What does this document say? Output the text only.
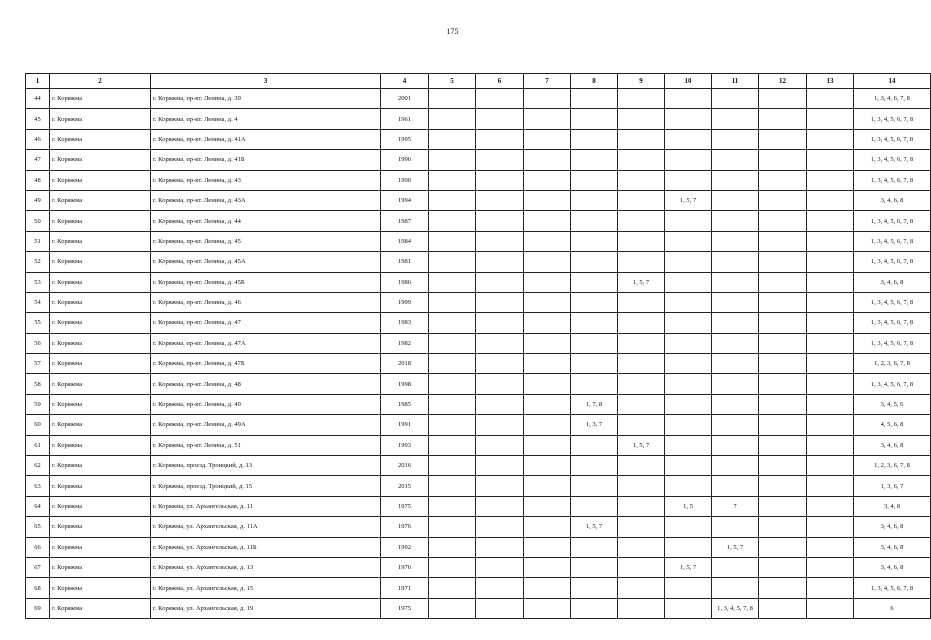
175
1	2	3	4	5	6	7	8	9	10	11	12	13	14
44	г. Коряжма	г. Коряжма, пр-кт. Ленина, д. 39	2001										1, 3, 4, 6, 7, 8
45	г. Коряжма	г. Коряжма, пр-кт. Ленина, д. 4	1961										1, 3, 4, 5, 6, 7, 8
46	г. Коряжма	г. Коряжма, пр-кт. Ленина, д. 41А	1995										1, 3, 4, 5, 6, 7, 8
47	г. Коряжма	г. Коряжма, пр-кт. Ленина, д. 41Б	1996										1, 3, 4, 5, 6, 7, 8
48	г. Коряжма	г. Коряжма, пр-кт. Ленина, д. 43	1990										1, 3, 4, 5, 6, 7, 8
49	г. Коряжма	г. Коряжма, пр-кт. Ленина, д. 43А	1994						1, 5, 7				3, 4, 6, 8
50	г. Коряжма	г. Коряжма, пр-кт. Ленина, д. 44	1987										1, 3, 4, 5, 6, 7, 8
51	г. Коряжма	г. Коряжма, пр-кт. Ленина, д. 45	1984										1, 3, 4, 5, 6, 7, 8
52	г. Коряжма	г. Коряжма, пр-кт. Ленина, д. 45А	1981										1, 3, 4, 5, 6, 7, 8
53	г. Коряжма	г. Коряжма, пр-кт. Ленина, д. 45Б	1986					1, 5, 7					3, 4, 6, 8
54	г. Коряжма	г. Коряжма, пр-кт. Ленина, д. 46	1999										1, 3, 4, 5, 6, 7, 8
55	г. Коряжма	г. Коряжма, пр-кт. Ленина, д. 47	1983										1, 3, 4, 5, 6, 7, 8
56	г. Коряжма	г. Коряжма, пр-кт. Ленина, д. 47А	1982										1, 3, 4, 5, 6, 7, 8
57	г. Коряжма	г. Коряжма, пр-кт. Ленина, д. 47Б	2018										1, 2, 3, 6, 7, 8
58	г. Коряжма	г. Коряжма, пр-кт. Ленина, д. 48	1998										1, 3, 4, 5, 6, 7, 8
59	г. Коряжма	г. Коряжма, пр-кт. Ленина, д. 49	1985				1, 7, 8						3, 4, 5, 6
60	г. Коряжма	г. Коряжма, пр-кт. Ленина, д. 49А	1991				1, 3, 7						4, 5, 6, 8
61	г. Коряжма	г. Коряжма, пр-кт. Ленина, д. 51	1993					1, 5, 7					3, 4, 6, 8
62	г. Коряжма	г. Коряжма, проезд. Троицкий, д. 13	2016										1, 2, 3, 6, 7, 8
63	г. Коряжма	г. Коряжма, проезд. Троицкий, д. 15	2015										1, 3, 6, 7
64	г. Коряжма	г. Коряжма, ул. Архангельская, д. 11	1975						1, 5	7			3, 4, 8
65	г. Коряжма	г. Коряжма, ул. Архангельская, д. 11А	1976				1, 5, 7						3, 4, 6, 8
66	г. Коряжма	г. Коряжма, ул. Архангельская, д. 11Б	1992							1, 5, 7			3, 4, 6, 8
67	г. Коряжма	г. Коряжма, ул. Архангельская, д. 13	1976						1, 5, 7				3, 4, 6, 8
68	г. Коряжма	г. Коряжма, ул. Архангельская, д. 15	1971										1, 3, 4, 5, 6, 7, 8
69	г. Коряжма	г. Коряжма, ул. Архангельская, д. 19	1975							1, 3, 4, 5, 7, 8			6
